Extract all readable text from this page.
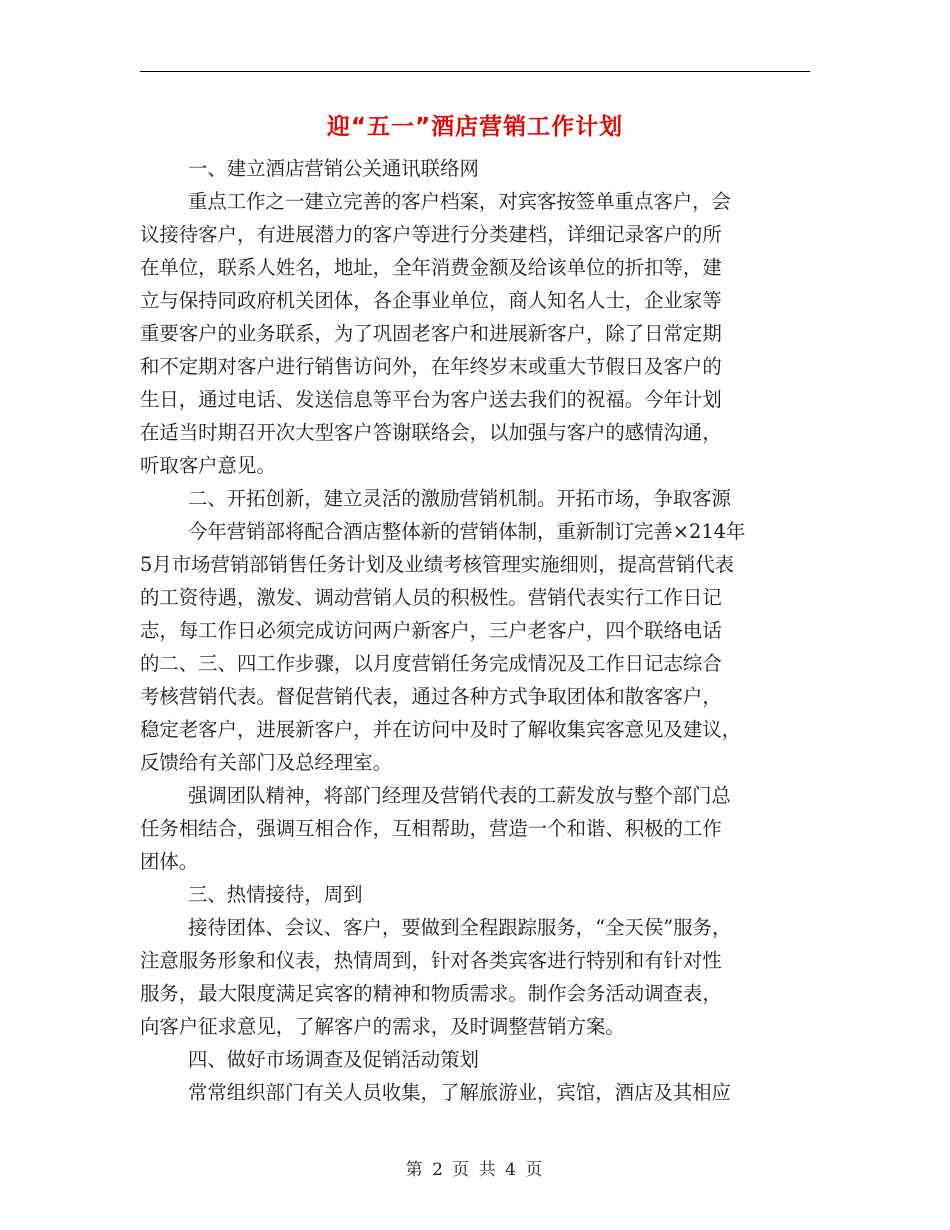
迎“五一”酒店营销工作计划
一、建立酒店营销公关通讯联络网
重点工作之一建立完善的客户档案，对宾客按签单重点客户，会
议接待客户，有进展潜力的客户等进行分类建档，详细记录客户的所
在单位，联系人姓名，地址，全年消费金额及给该单位的折扣等，建
立与保持同政府机关团体，各企事业单位，商人知名人士，企业家等
重要客户的业务联系，为了巩固老客户和进展新客户，除了日常定期
和不定期对客户进行销售访问外，在年终岁末或重大节假日及客户的
生日，通过电话、发送信息等平台为客户送去我们的祝福。今年计划
在适当时期召开次大型客户答谢联络会，以加强与客户的感情沟通，
听取客户意见。
二、开拓创新，建立灵活的激励营销机制。开拓市场，争取客源
今年营销部将配合酒店整体新的营销体制，重新制订完善×214年
5月市场营销部销售任务计划及业绩考核管理实施细则，提高营销代表
的工资待遇，激发、调动营销人员的积极性。营销代表实行工作日记
志，每工作日必须完成访问两户新客户，三户老客户，四个联络电话
的二、三、四工作步骤，以月度营销任务完成情况及工作日记志综合
考核营销代表。督促营销代表，通过各种方式争取团体和散客客户，
稳定老客户，进展新客户，并在访问中及时了解收集宾客意见及建议，
反馈给有关部门及总经理室。
强调团队精神，将部门经理及营销代表的工薪发放与整个部门总
任务相结合，强调互相合作，互相帮助，营造一个和谐、积极的工作
团体。
三、热情接待，周到
接待团体、会议、客户，要做到全程跟踪服务，“全天侯”服务，
注意服务形象和仪表，热情周到，针对各类宾客进行特别和有针对性
服务，最大限度满足宾客的精神和物质需求。制作会务活动调查表，
向客户征求意见，了解客户的需求，及时调整营销方案。
四、做好市场调查及促销活动策划
常常组织部门有关人员收集，了解旅游业，宾馆，酒店及其相应
第 2 页 共 4 页
